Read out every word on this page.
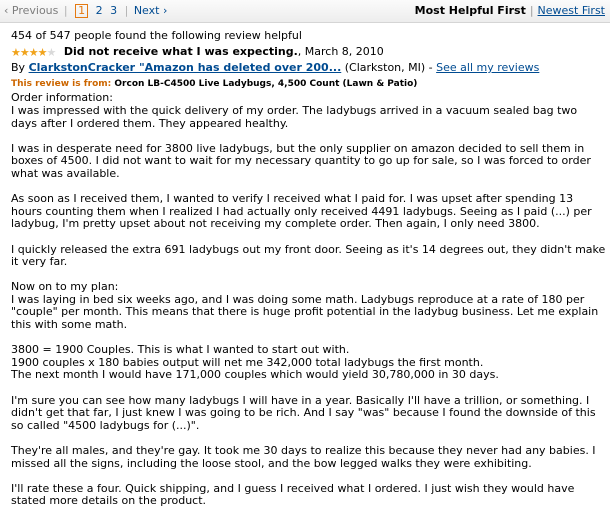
‹ Previous | 1 2 3 | Next ›	Most Helpful First | Newest First
454 of 547 people found the following review helpful
★★★★★ Did not receive what I was expecting., March 8, 2010
By ClarkstonCracker "Amazon has deleted over 200... (Clarkston, MI) - See all my reviews
This review is from: Orcon LB-C4500 Live Ladybugs, 4,500 Count (Lawn & Patio)

Order information:
I was impressed with the quick delivery of my order. The ladybugs arrived in a vacuum sealed bag two days after I ordered them. They appeared healthy.

I was in desperate need for 3800 live ladybugs, but the only supplier on amazon decided to sell them in boxes of 4500. I did not want to wait for my necessary quantity to go up for sale, so I was forced to order what was available.

As soon as I received them, I wanted to verify I received what I paid for. I was upset after spending 13 hours counting them when I realized I had actually only received 4491 ladybugs. Seeing as I paid (...) per ladybug, I'm pretty upset about not receiving my complete order. Then again, I only need 3800.

I quickly released the extra 691 ladybugs out my front door. Seeing as it's 14 degrees out, they didn't make it very far.

Now on to my plan:
I was laying in bed six weeks ago, and I was doing some math. Ladybugs reproduce at a rate of 180 per "couple" per month. This means that there is huge profit potential in the ladybug business. Let me explain this with some math.

3800 = 1900 Couples. This is what I wanted to start out with.
1900 couples x 180 babies output will net me 342,000 total ladybugs the first month.
The next month I would have 171,000 couples which would yield 30,780,000 in 30 days.

I'm sure you can see how many ladybugs I will have in a year. Basically I'll have a trillion, or something. I didn't get that far, I just knew I was going to be rich. And I say "was" because I found the downside of this so called "4500 ladybugs for (...)".

They're all males, and they're gay. It took me 30 days to realize this because they never had any babies. I missed all the signs, including the loose stool, and the bow legged walks they were exhibiting.

I'll rate these a four. Quick shipping, and I guess I received what I ordered. I just wish they would have stated more details on the product.
